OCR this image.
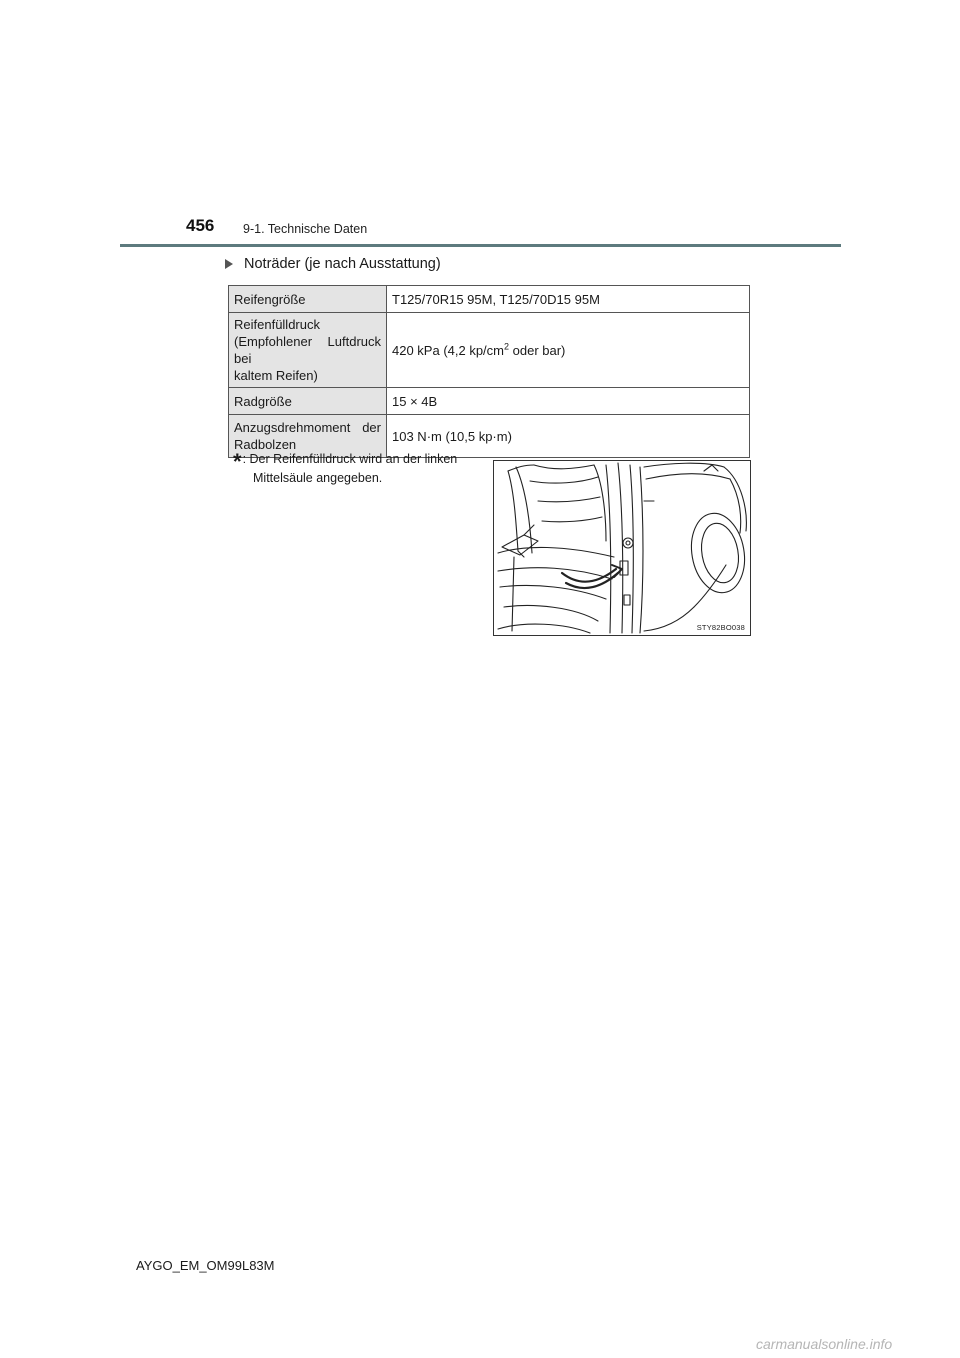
456 9-1. Technische Daten
Noträder (je nach Ausstattung)
Reifengröße	T125/70R15 95M, T125/70D15 95M

Reifenfülldruck
(Empfohlener Luftdruck bei
kaltem Reifen)	420 kPa (4,2 $kp/cm^2$ oder bar)
Radgröße	15 × 4B

Anzugsdrehmoment der
Radbolzen	103 N·m (10,5 kp·m)
*: Der Reifenfülldruck wird an der linken
Mittelsäule angegeben.
STY82BO038
AYGO_EM_OM99L83M
carmanualsonline.info
